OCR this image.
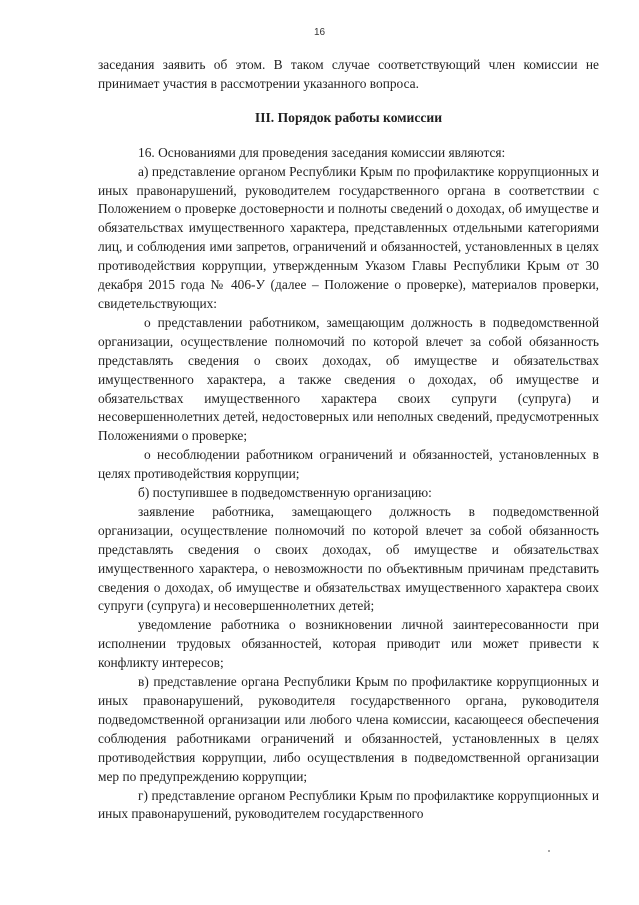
16

заседания заявить об этом. В таком случае соответствующий член комиссии не принимает участия в рассмотрении указанного вопроса.

III. Порядок работы комиссии

16. Основаниями для проведения заседания комиссии являются:

а) представление органом Республики Крым по профилактике коррупционных и иных правонарушений, руководителем государственного органа в соответствии с Положением о проверке достоверности и полноты сведений о доходах, об имуществе и обязательствах имущественного характера, представленных отдельными категориями лиц, и соблюдения ими запретов, ограничений и обязанностей, установленных в целях противодействия коррупции, утвержденным Указом Главы Республики Крым от 30 декабря 2015 года № 406-У (далее – Положение о проверке), материалов проверки, свидетельствующих:

о представлении работником, замещающим должность в подведомственной организации, осуществление полномочий по которой влечет за собой обязанность представлять сведения о своих доходах, об имуществе и обязательствах имущественного характера, а также сведения о доходах, об имуществе и обязательствах имущественного характера своих супруги (супруга) и несовершеннолетних детей, недостоверных или неполных сведений, предусмотренных Положениями о проверке;

о несоблюдении работником ограничений и обязанностей, установленных в целях противодействия коррупции;

б) поступившее в подведомственную организацию:

заявление работника, замещающего должность в подведомственной организации, осуществление полномочий по которой влечет за собой обязанность представлять сведения о своих доходах, об имуществе и обязательствах имущественного характера, о невозможности по объективным причинам представить сведения о доходах, об имуществе и обязательствах имущественного характера своих супруги (супруга) и несовершеннолетних детей;

уведомление работника о возникновении личной заинтересованности при исполнении трудовых обязанностей, которая приводит или может привести к конфликту интересов;

в) представление органа Республики Крым по профилактике коррупционных и иных правонарушений, руководителя государственного органа, руководителя подведомственной организации или любого члена комиссии, касающееся обеспечения соблюдения работниками ограничений и обязанностей, установленных в целях противодействия коррупции, либо осуществления в подведомственной организации мер по предупреждению коррупции;

г) представление органом Республики Крым по профилактике коррупционных и иных правонарушений, руководителем государственного
